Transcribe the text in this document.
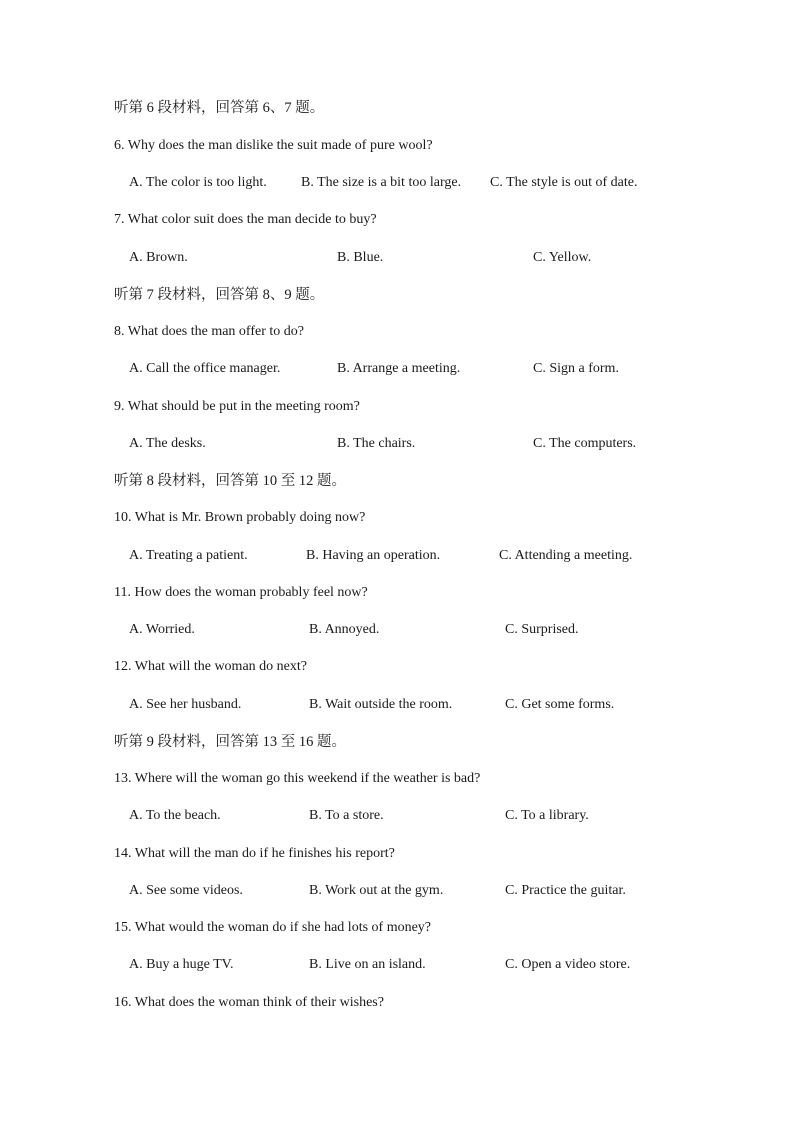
听第 6 段材料，回答第 6、7 题。
6. Why does the man dislike the suit made of pure wool?
A. The color is too light. B. The size is a bit too large. C. The style is out of date.
7. What color suit does the man decide to buy?
A. Brown.	B. Blue.	C. Yellow.
听第 7 段材料，回答第 8、9 题。
8. What does the man offer to do?
A. Call the office manager.	B. Arrange a meeting.	C. Sign a form.
9. What should be put in the meeting room?
A. The desks.	B. The chairs.	C. The computers.
听第 8 段材料，回答第 10 至 12 题。
10. What is Mr. Brown probably doing now?
A. Treating a patient.	B. Having an operation.	C. Attending a meeting.
11. How does the woman probably feel now?
A. Worried.	B. Annoyed.	C. Surprised.
12. What will the woman do next?
A. See her husband.	B. Wait outside the room.	C. Get some forms.
听第 9 段材料，回答第 13 至 16 题。
13. Where will the woman go this weekend if the weather is bad?
A. To the beach.	B. To a store.	C. To a library.
14. What will the man do if he finishes his report?
A. See some videos.	B. Work out at the gym.	C. Practice the guitar.
15. What would the woman do if she had lots of money?
A. Buy a huge TV.	B. Live on an island.	C. Open a video store.
16. What does the woman think of their wishes?
